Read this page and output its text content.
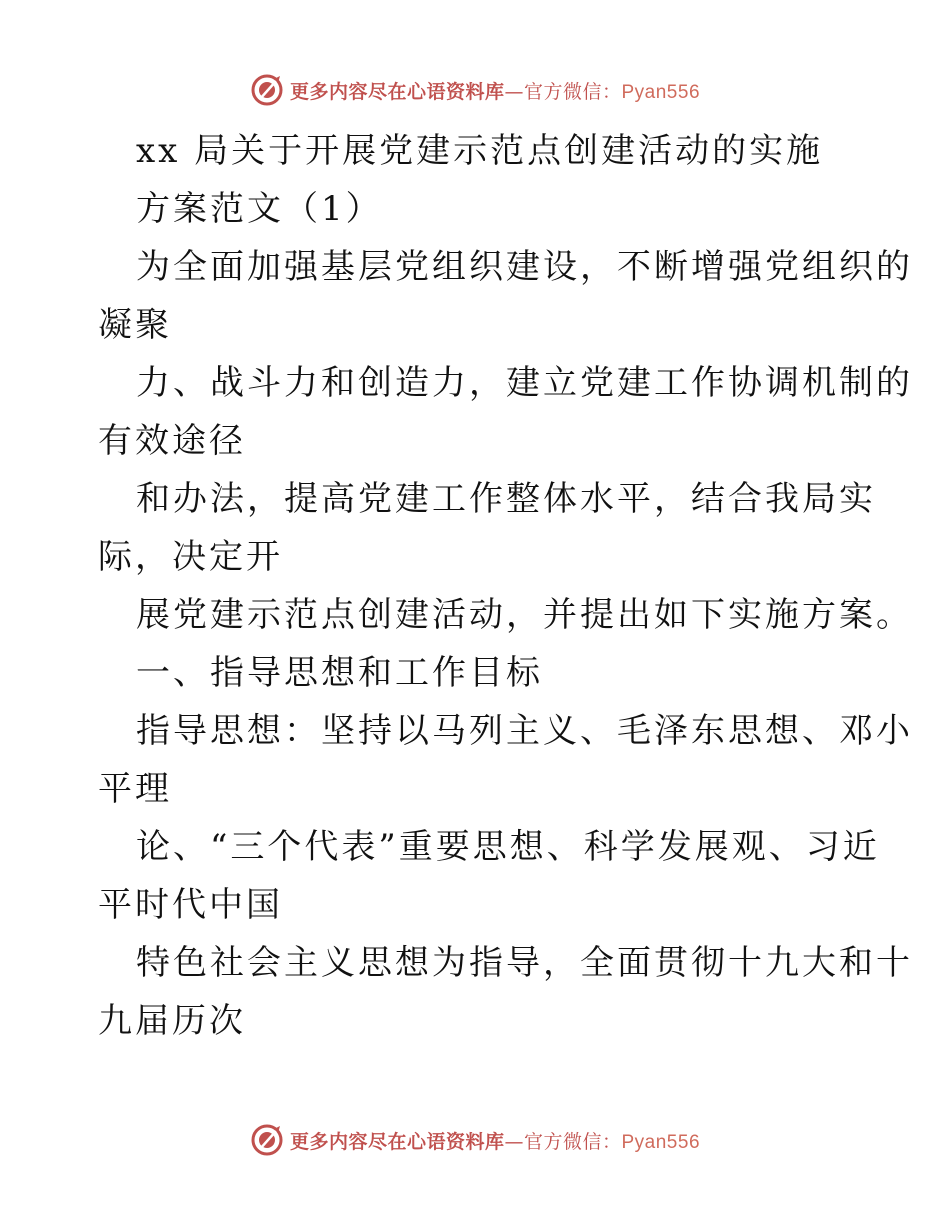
更多内容尽在心语资料库—官方微信：Pyan556
xx 局关于开展党建示范点创建活动的实施
方案范文（1）
为全面加强基层党组织建设，不断增强党组织的
凝聚
力、战斗力和创造力，建立党建工作协调机制的
有效途径
和办法，提高党建工作整体水平，结合我局实
际，决定开
展党建示范点创建活动，并提出如下实施方案。
一、指导思想和工作目标
指导思想：坚持以马列主义、毛泽东思想、邓小
平理
论、“三个代表”重要思想、科学发展观、习近
平时代中国
特色社会主义思想为指导，全面贯彻十九大和十
九届历次
更多内容尽在心语资料库—官方微信：Pyan556
